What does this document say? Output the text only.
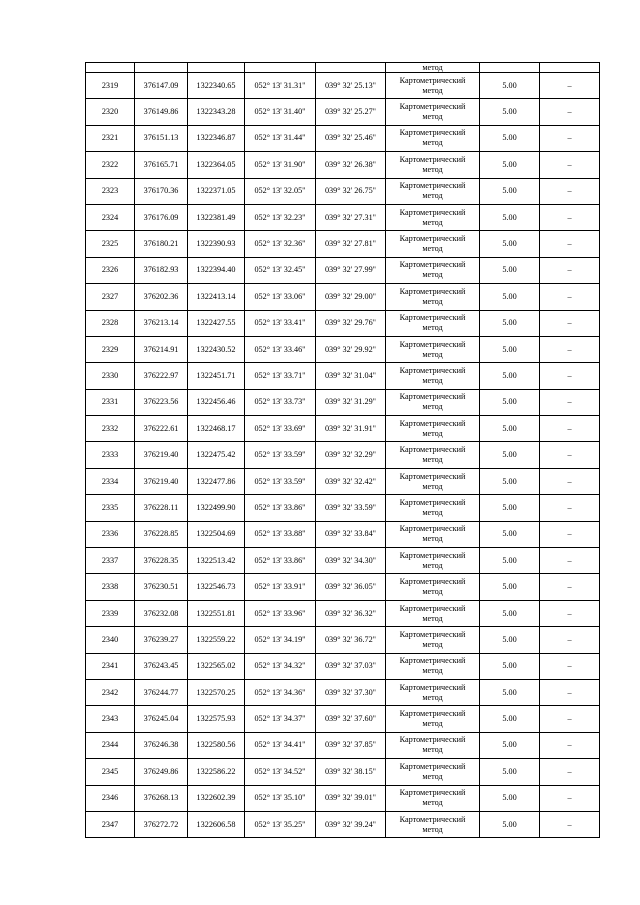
					метод		
2319	376147.09	1322340.65	052° 13' 31.31"	039° 32' 25.13"	Картометрический
метод	5.00	–
2320	376149.86	1322343.28	052° 13' 31.40"	039° 32' 25.27"	Картометрический
метод	5.00	–
2321	376151.13	1322346.87	052° 13' 31.44"	039° 32' 25.46"	Картометрический
метод	5.00	–
2322	376165.71	1322364.05	052° 13' 31.90"	039° 32' 26.38"	Картометрический
метод	5.00	–
2323	376170.36	1322371.05	052° 13' 32.05"	039° 32' 26.75"	Картометрический
метод	5.00	–
2324	376176.09	1322381.49	052° 13' 32.23"	039° 32' 27.31"	Картометрический
метод	5.00	–
2325	376180.21	1322390.93	052° 13' 32.36"	039° 32' 27.81"	Картометрический
метод	5.00	–
2326	376182.93	1322394.40	052° 13' 32.45"	039° 32' 27.99"	Картометрический
метод	5.00	–
2327	376202.36	1322413.14	052° 13' 33.06"	039° 32' 29.00"	Картометрический
метод	5.00	–
2328	376213.14	1322427.55	052° 13' 33.41"	039° 32' 29.76"	Картометрический
метод	5.00	–
2329	376214.91	1322430.52	052° 13' 33.46"	039° 32' 29.92"	Картометрический
метод	5.00	–
2330	376222.97	1322451.71	052° 13' 33.71"	039° 32' 31.04"	Картометрический
метод	5.00	–
2331	376223.56	1322456.46	052° 13' 33.73"	039° 32' 31.29"	Картометрический
метод	5.00	–
2332	376222.61	1322468.17	052° 13' 33.69"	039° 32' 31.91"	Картометрический
метод	5.00	–
2333	376219.40	1322475.42	052° 13' 33.59"	039° 32' 32.29"	Картометрический
метод	5.00	–
2334	376219.40	1322477.86	052° 13' 33.59"	039° 32' 32.42"	Картометрический
метод	5.00	–
2335	376228.11	1322499.90	052° 13' 33.86"	039° 32' 33.59"	Картометрический
метод	5.00	–
2336	376228.85	1322504.69	052° 13' 33.88"	039° 32' 33.84"	Картометрический
метод	5.00	–
2337	376228.35	1322513.42	052° 13' 33.86"	039° 32' 34.30"	Картометрический
метод	5.00	–
2338	376230.51	1322546.73	052° 13' 33.91"	039° 32' 36.05"	Картометрический
метод	5.00	–
2339	376232.08	1322551.81	052° 13' 33.96"	039° 32' 36.32"	Картометрический
метод	5.00	–
2340	376239.27	1322559.22	052° 13' 34.19"	039° 32' 36.72"	Картометрический
метод	5.00	–
2341	376243.45	1322565.02	052° 13' 34.32"	039° 32' 37.03"	Картометрический
метод	5.00	–
2342	376244.77	1322570.25	052° 13' 34.36"	039° 32' 37.30"	Картометрический
метод	5.00	–
2343	376245.04	1322575.93	052° 13' 34.37"	039° 32' 37.60"	Картометрический
метод	5.00	–
2344	376246.38	1322580.56	052° 13' 34.41"	039° 32' 37.85"	Картометрический
метод	5.00	–
2345	376249.86	1322586.22	052° 13' 34.52"	039° 32' 38.15"	Картометрический
метод	5.00	–
2346	376268.13	1322602.39	052° 13' 35.10"	039° 32' 39.01"	Картометрический
метод	5.00	–
2347	376272.72	1322606.58	052° 13' 35.25"	039° 32' 39.24"	Картометрический
метод	5.00	–
